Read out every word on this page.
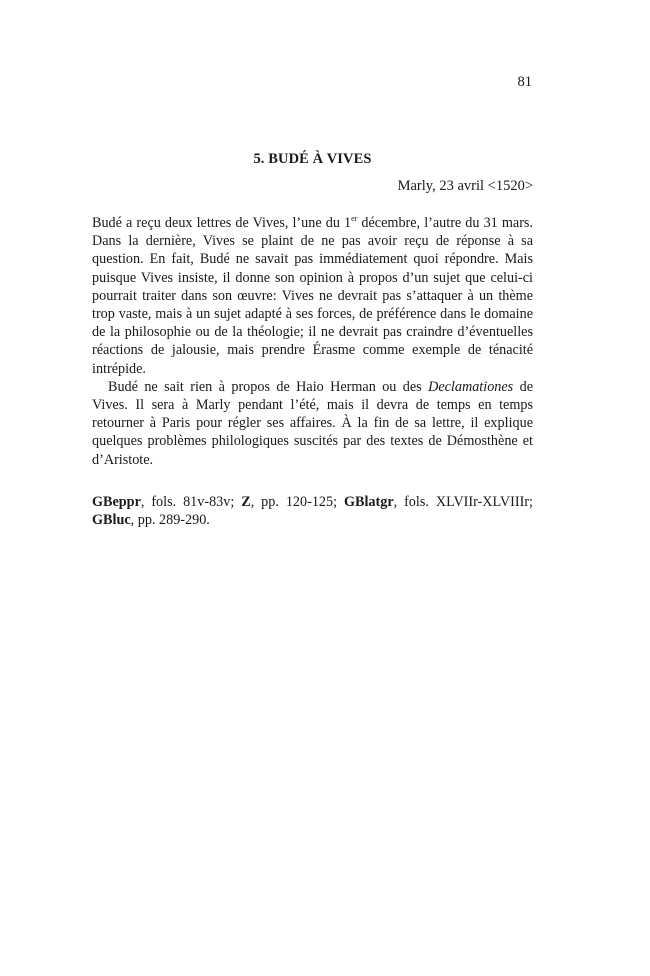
81
5. BUDÉ À VIVES
Marly, 23 avril <1520>

Budé a reçu deux lettres de Vives, l’une du 1er décembre, l’autre du 31 mars. Dans la dernière, Vives se plaint de ne pas avoir reçu de réponse à sa question. En fait, Budé ne savait pas immédiatement quoi répondre. Mais puisque Vives insiste, il donne son opinion à propos d’un sujet que celui-ci pourrait traiter dans son œuvre: Vives ne devrait pas s’attaquer à un thème trop vaste, mais à un sujet adapté à ses forces, de préférence dans le domaine de la philosophie ou de la théologie; il ne devrait pas craindre d’éventuelles réactions de jalousie, mais prendre Érasme comme exemple de ténacité intrépide.

Budé ne sait rien à propos de Haio Herman ou des Declamationes de Vives. Il sera à Marly pendant l’été, mais il devra de temps en temps retourner à Paris pour régler ses affaires. À la fin de sa lettre, il explique quelques problèmes philologiques suscités par des textes de Démosthène et d’Aristote.

GBeppr, fols. 81v-83v; Z, pp. 120-125; GBlatgr, fols. XLVIIr-XLVIIIr; GBluc, pp. 289-290.
